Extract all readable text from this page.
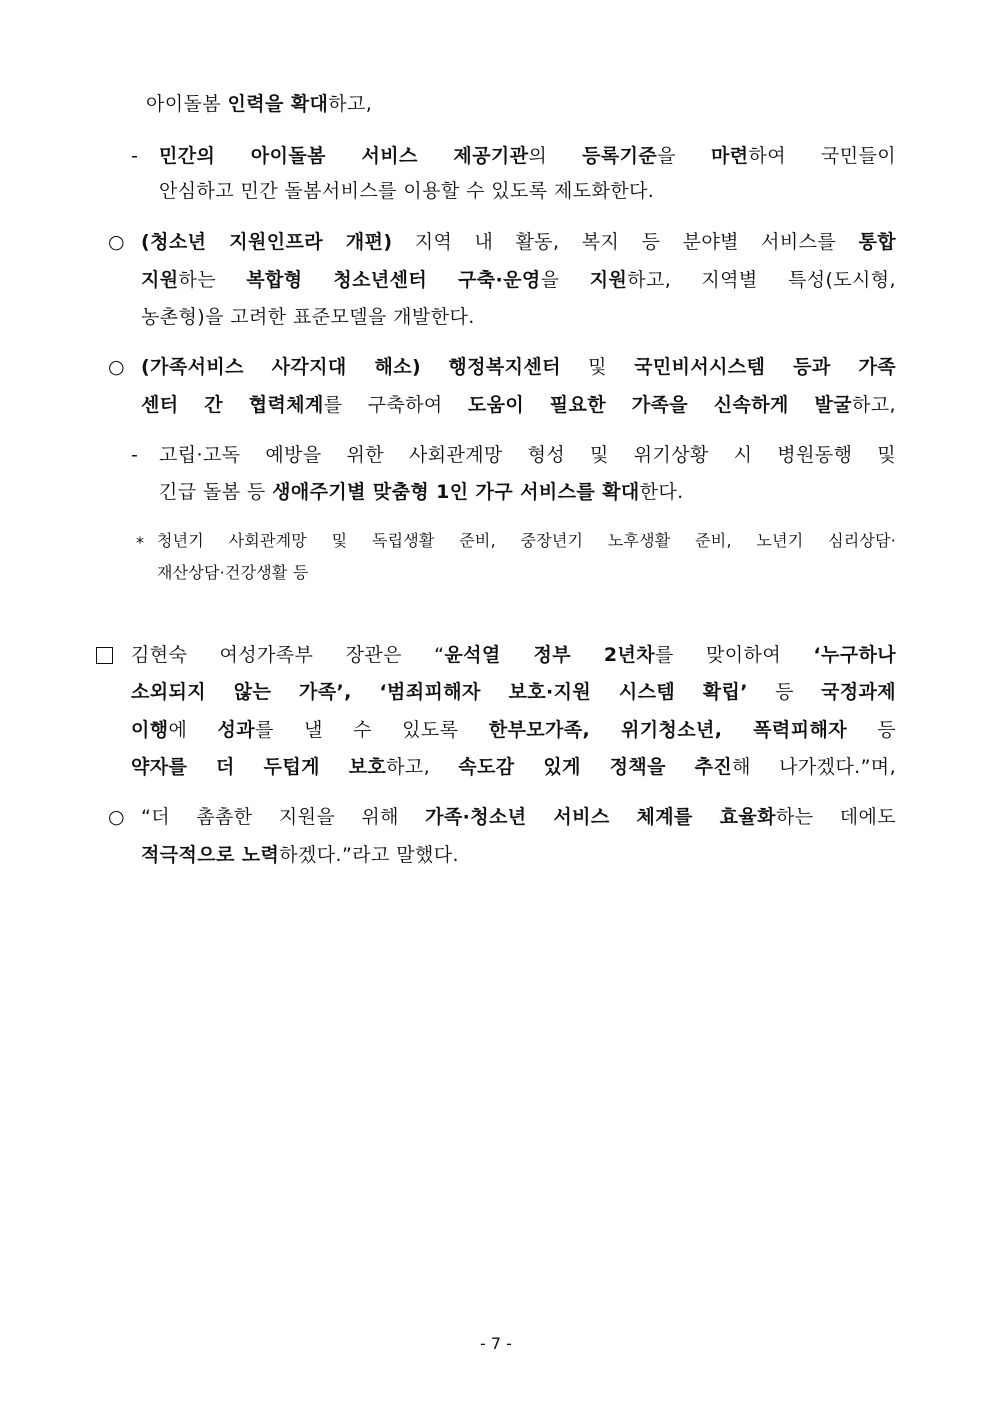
아이돌봄 인력을 확대하고,
- 민간의 아이돌봄 서비스 제공기관의 등록기준을 마련하여 국민들이
안심하고 민간 돌봄서비스를 이용할 수 있도록 제도화한다.
○ (청소년 지원인프라 개편) 지역 내 활동, 복지 등 분야별 서비스를 통합
지원하는 복합형 청소년센터 구축·운영을 지원하고, 지역별 특성(도시형,
농촌형)을 고려한 표준모델을 개발한다.
○ (가족서비스 사각지대 해소) 행정복지센터 및 국민비서시스템 등과 가족
센터 간 협력체계를 구축하여 도움이 필요한 가족을 신속하게 발굴하고,
- 고립·고독 예방을 위한 사회관계망 형성 및 위기상황 시 병원동행 및
긴급 돌봄 등 생애주기별 맞춤형 1인 가구 서비스를 확대한다.
* 청년기 사회관계망 및 독립생활 준비, 중장년기 노후생활 준비, 노년기 심리상담·
재산상담·건강생활 등
김현숙 여성가족부 장관은 “윤석열 정부 2년차를 맞이하여 ‘누구하나
소외되지 않는 가족’, ‘범죄피해자 보호·지원 시스템 확립’ 등 국정과제
이행에 성과를 낼 수 있도록 한부모가족, 위기청소년, 폭력피해자 등
약자를 더 두텁게 보호하고, 속도감 있게 정책을 추진해 나가겠다.”며,
○ “더 촘촘한 지원을 위해 가족·청소년 서비스 체계를 효율화하는 데에도
적극적으로 노력하겠다.”라고 말했다.
- 7 -
